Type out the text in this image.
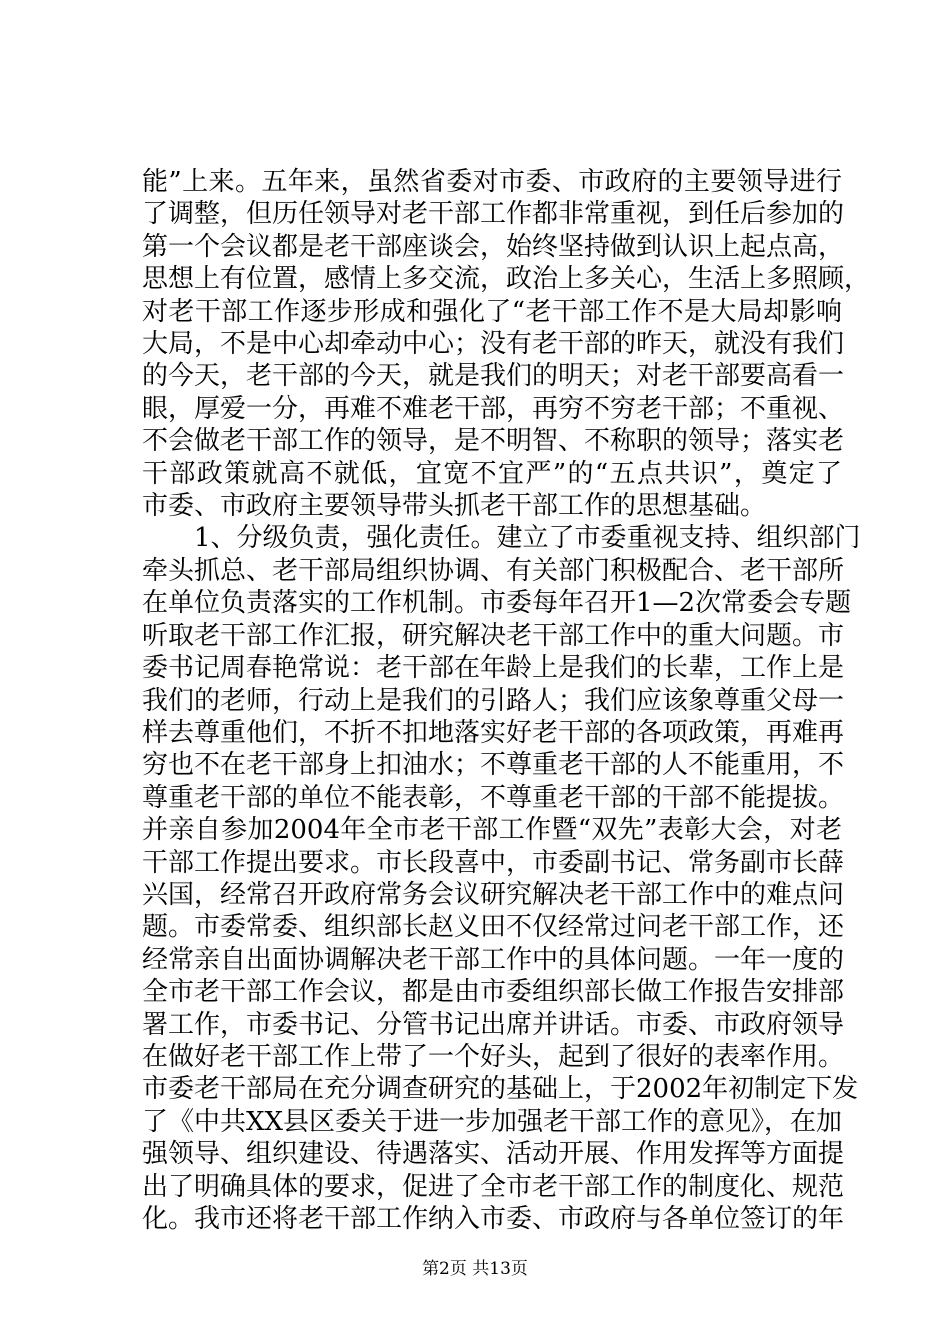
能”上来。五年来，虽然省委对市委、市政府的主要领导进行
了调整，但历任领导对老干部工作都非常重视，到任后参加的
第一个会议都是老干部座谈会，始终坚持做到认识上起点高，
思想上有位置，感情上多交流，政治上多关心，生活上多照顾，
对老干部工作逐步形成和强化了“老干部工作不是大局却影响
大局，不是中心却牵动中心；没有老干部的昨天，就没有我们
的今天，老干部的今天，就是我们的明天；对老干部要高看一
眼，厚爱一分，再难不难老干部，再穷不穷老干部；不重视、
不会做老干部工作的领导，是不明智、不称职的领导；落实老
干部政策就高不就低，宜宽不宜严”的“五点共识”，奠定了
市委、市政府主要领导带头抓老干部工作的思想基础。

　　1、分级负责，强化责任。建立了市委重视支持、组织部门
牵头抓总、老干部局组织协调、有关部门积极配合、老干部所
在单位负责落实的工作机制。市委每年召开1—2次常委会专题
听取老干部工作汇报，研究解决老干部工作中的重大问题。市
委书记周春艳常说：老干部在年龄上是我们的长辈，工作上是
我们的老师，行动上是我们的引路人；我们应该象尊重父母一
样去尊重他们，不折不扣地落实好老干部的各项政策，再难再
穷也不在老干部身上扣油水；不尊重老干部的人不能重用，不
尊重老干部的单位不能表彰，不尊重老干部的干部不能提拔。
并亲自参加2004年全市老干部工作暨“双先”表彰大会，对老
干部工作提出要求。市长段喜中，市委副书记、常务副市长薛
兴国，经常召开政府常务会议研究解决老干部工作中的难点问
题。市委常委、组织部长赵义田不仅经常过问老干部工作，还
经常亲自出面协调解决老干部工作中的具体问题。一年一度的
全市老干部工作会议，都是由市委组织部长做工作报告安排部
署工作，市委书记、分管书记出席并讲话。市委、市政府领导
在做好老干部工作上带了一个好头，起到了很好的表率作用。
市委老干部局在充分调查研究的基础上，于2002年初制定下发
了《中共XX县区委关于进一步加强老干部工作的意见》，在加
强领导、组织建设、待遇落实、活动开展、作用发挥等方面提
出了明确具体的要求，促进了全市老干部工作的制度化、规范
化。我市还将老干部工作纳入市委、市政府与各单位签订的年

第2页 共13页
